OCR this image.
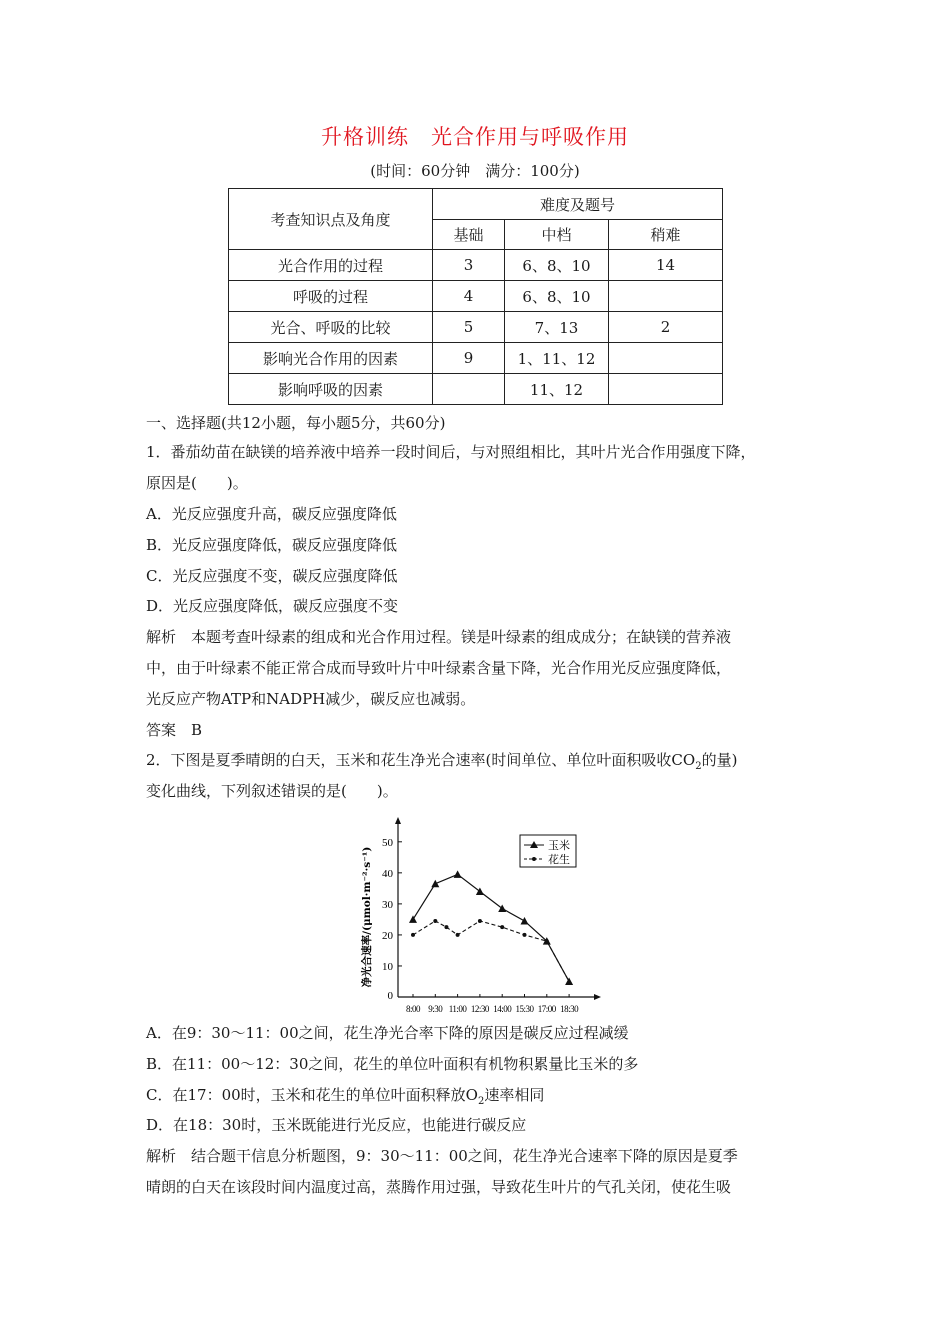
升格训练　光合作用与呼吸作用
(时间：60分钟　满分：100分)
考查知识点及角度	难度及题号		
	基础	中档	稍难
光合作用的过程	3	6、8、10	14
呼吸的过程	4	6、8、10	
光合、呼吸的比较	5	7、13	2
影响光合作用的因素	9	1、11、12	
影响呼吸的因素		11、12	
一、选择题(共12小题，每小题5分，共60分)
1．番茄幼苗在缺镁的培养液中培养一段时间后，与对照组相比，其叶片光合作用强度下降，
原因是(　　)。
A．光反应强度升高，碳反应强度降低
B．光反应强度降低，碳反应强度降低
C．光反应强度不变，碳反应强度降低
D．光反应强度降低，碳反应强度不变
解析　本题考查叶绿素的组成和光合作用过程。镁是叶绿素的组成成分；在缺镁的营养液
中，由于叶绿素不能正常合成而导致叶片中叶绿素含量下降，光合作用光反应强度降低，
光反应产物ATP和NADPH减少，碳反应也减弱。
答案　B
2．下图是夏季晴朗的白天，玉米和花生净光合速率(时间单位、单位叶面积吸收$CO_2$的量)
变化曲线，下列叙述错误的是(　　)。
0
10
20
30
40
50
8:00 9:30 11:00 12:30 14:00 15:30 17:00 18:30
净光合速率/(μmol·m⁻²·s⁻¹)
玉米
花生
A．在9：30～11：00之间，花生净光合率下降的原因是碳反应过程减缓
B．在11：00～12：30之间，花生的单位叶面积有机物积累量比玉米的多
C．在17：00时，玉米和花生的单位叶面积释放$O_2$速率相同
D．在18：30时，玉米既能进行光反应，也能进行碳反应
解析　结合题干信息分析题图，9：30～11：00之间，花生净光合速率下降的原因是夏季
晴朗的白天在该段时间内温度过高，蒸腾作用过强，导致花生叶片的气孔关闭，使花生吸
